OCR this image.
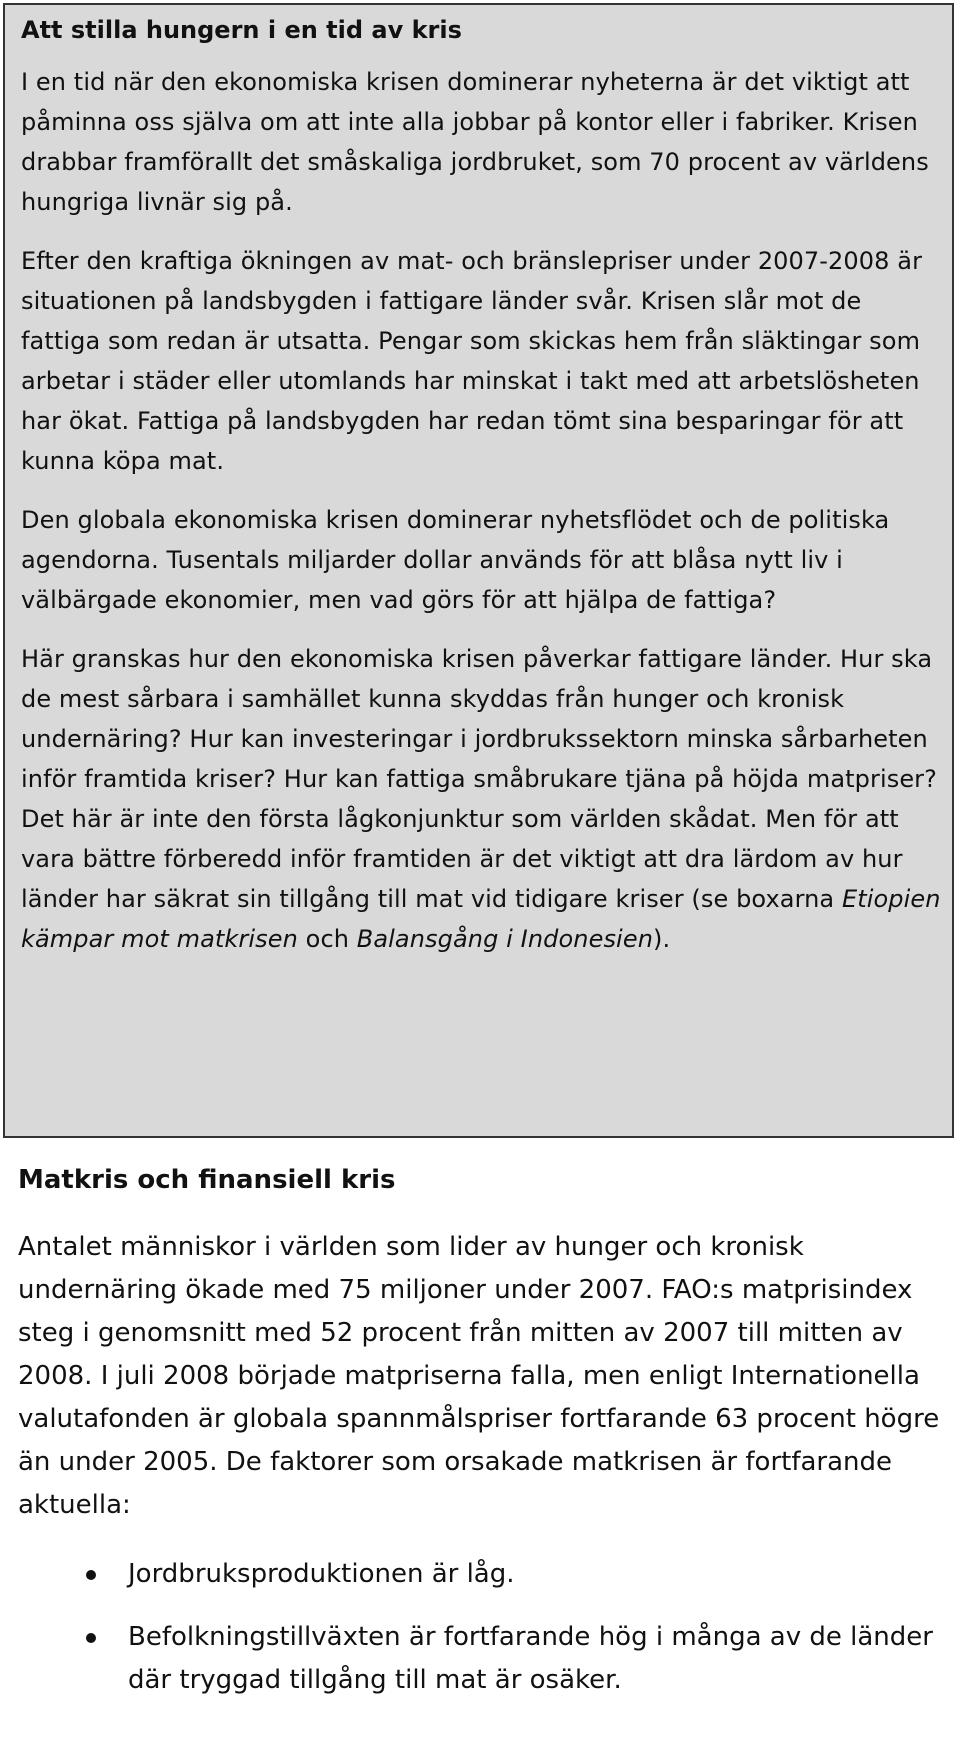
Att stilla hungern i en tid av kris

I en tid när den ekonomiska krisen dominerar nyheterna är det viktigt att påminna oss själva om att inte alla jobbar på kontor eller i fabriker. Krisen drabbar framförallt det småskaliga jordbruket, som 70 procent av världens hungriga livnär sig på.

Efter den kraftiga ökningen av mat- och bränslepriser under 2007-2008 är situationen på landsbygden i fattigare länder svår. Krisen slår mot de fattiga som redan är utsatta. Pengar som skickas hem från släktingar som arbetar i städer eller utomlands har minskat i takt med att arbetslösheten har ökat. Fattiga på landsbygden har redan tömt sina besparingar för att kunna köpa mat.

Den globala ekonomiska krisen dominerar nyhetsflödet och de politiska agendorna. Tusentals miljarder dollar används för att blåsa nytt liv i välbärgade ekonomier, men vad görs för att hjälpa de fattiga?

Här granskas hur den ekonomiska krisen påverkar fattigare länder. Hur ska de mest sårbara i samhället kunna skyddas från hunger och kronisk undernäring? Hur kan investeringar i jordbrukssektorn minska sårbarheten inför framtida kriser? Hur kan fattiga småbrukare tjäna på höjda matpriser? Det här är inte den första lågkonjunktur som världen skådat. Men för att vara bättre förberedd inför framtiden är det viktigt att dra lärdom av hur länder har säkrat sin tillgång till mat vid tidigare kriser (se boxarna Etiopien kämpar mot matkrisen och Balansgång i Indonesien).

Matkris och finansiell kris

Antalet människor i världen som lider av hunger och kronisk undernäring ökade med 75 miljoner under 2007. FAO:s matprisindex steg i genomsnitt med 52 procent från mitten av 2007 till mitten av 2008. I juli 2008 började matpriserna falla, men enligt Internationella valutafonden är globala spannmålspriser fortfarande 63 procent högre än under 2005. De faktorer som orsakade matkrisen är fortfarande aktuella:

Jordbruksproduktionen är låg.
Befolkningstillväxten är fortfarande hög i många av de länder där tryggad tillgång till mat är osäker.
